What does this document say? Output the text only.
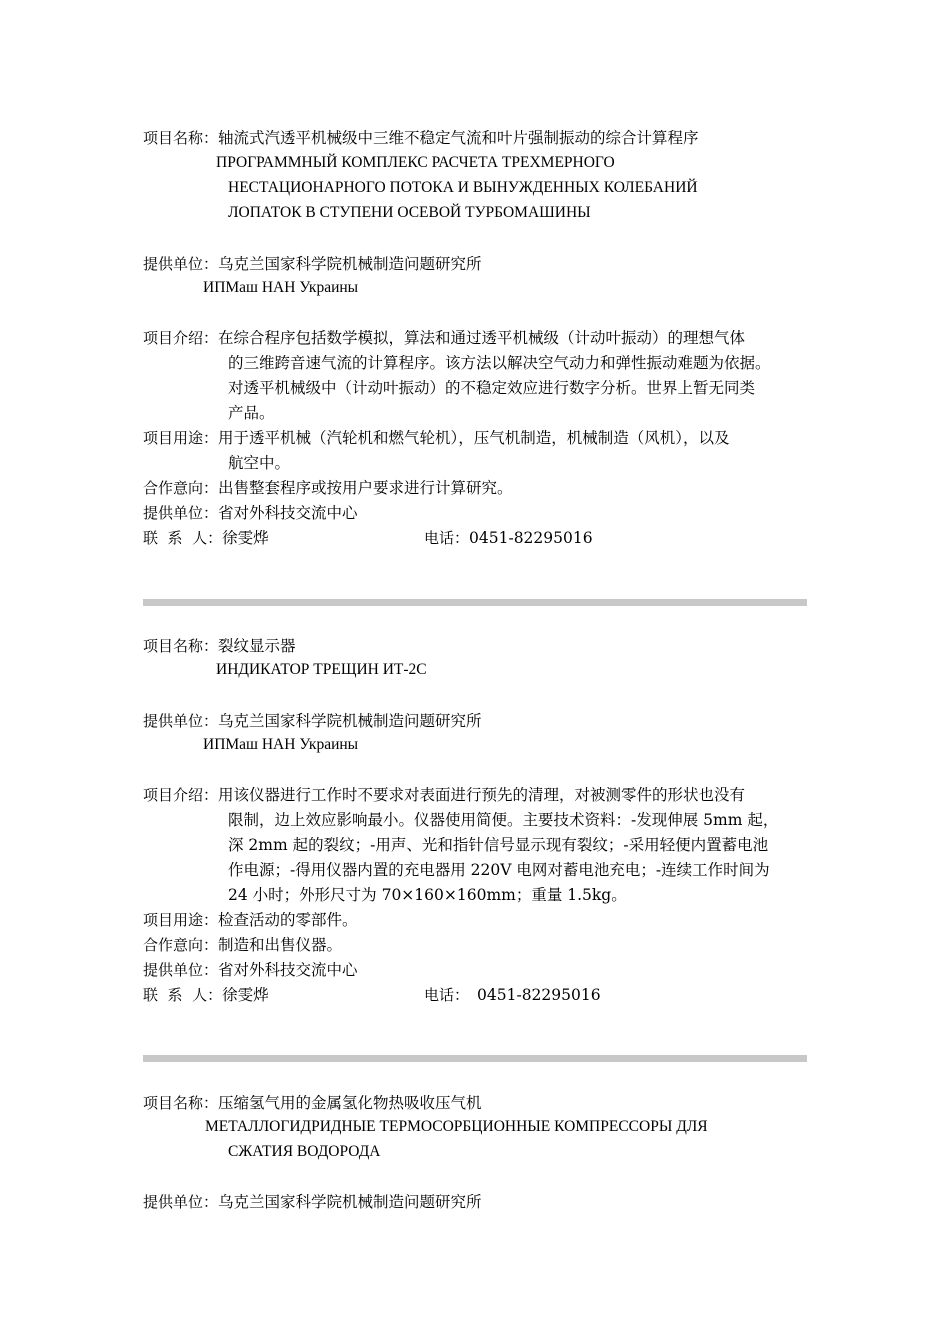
项目名称：轴流式汽透平机械级中三维不稳定气流和叶片强制振动的综合计算程序
ПРОГРАММНЫЙ КОМПЛЕКС РАСЧЕТА ТРЕХМЕРНОГО
НЕСТАЦИОНАРНОГО ПОТОКА И ВЫНУЖДЕННЫХ КОЛЕБАНИЙ
ЛОПАТОК В СТУПЕНИ ОСЕВОЙ ТУРБОМАШИНЫ
提供单位：乌克兰国家科学院机械制造问题研究所
ИПМаш НАН Украины
项目介绍：在综合程序包括数学模拟，算法和通过透平机械级（计动叶振动）的理想气体
的三维跨音速气流的计算程序。该方法以解决空气动力和弹性振动难题为依据。
对透平机械级中（计动叶振动）的不稳定效应进行数字分析。世界上暂无同类
产品。
项目用途：用于透平机械（汽轮机和燃气轮机），压气机制造，机械制造（风机），以及
航空中。
合作意向：出售整套程序或按用户要求进行计算研究。
提供单位：省对外科技交流中心
联  系  人：徐雯烨	电话：0451-82295016
项目名称：裂纹显示器
ИНДИКАТОР ТРЕЩИН ИТ-2С
提供单位：乌克兰国家科学院机械制造问题研究所
ИПМаш НАН Украины
项目介绍：用该仪器进行工作时不要求对表面进行预先的清理，对被测零件的形状也没有
限制，边上效应影响最小。仪器使用简便。主要技术资料：-发现伸展 5mm 起，
深 2mm 起的裂纹；-用声、光和指针信号显示现有裂纹；-采用轻便内置蓄电池
作电源；-得用仪器内置的充电器用 220V 电网对蓄电池充电；-连续工作时间为
24 小时；外形尺寸为 70×160×160mm；重量 1.5kg。
项目用途：检查活动的零部件。
合作意向：制造和出售仪器。
提供单位：省对外科技交流中心
联  系  人：徐雯烨	电话： 0451-82295016
项目名称：压缩氢气用的金属氢化物热吸收压气机
МЕТАЛЛОГИДРИДНЫЕ ТЕРМОСОРБЦИОННЫЕ КОМПРЕССОРЫ ДЛЯ
СЖАТИЯ ВОДОРОДА
提供单位：乌克兰国家科学院机械制造问题研究所
